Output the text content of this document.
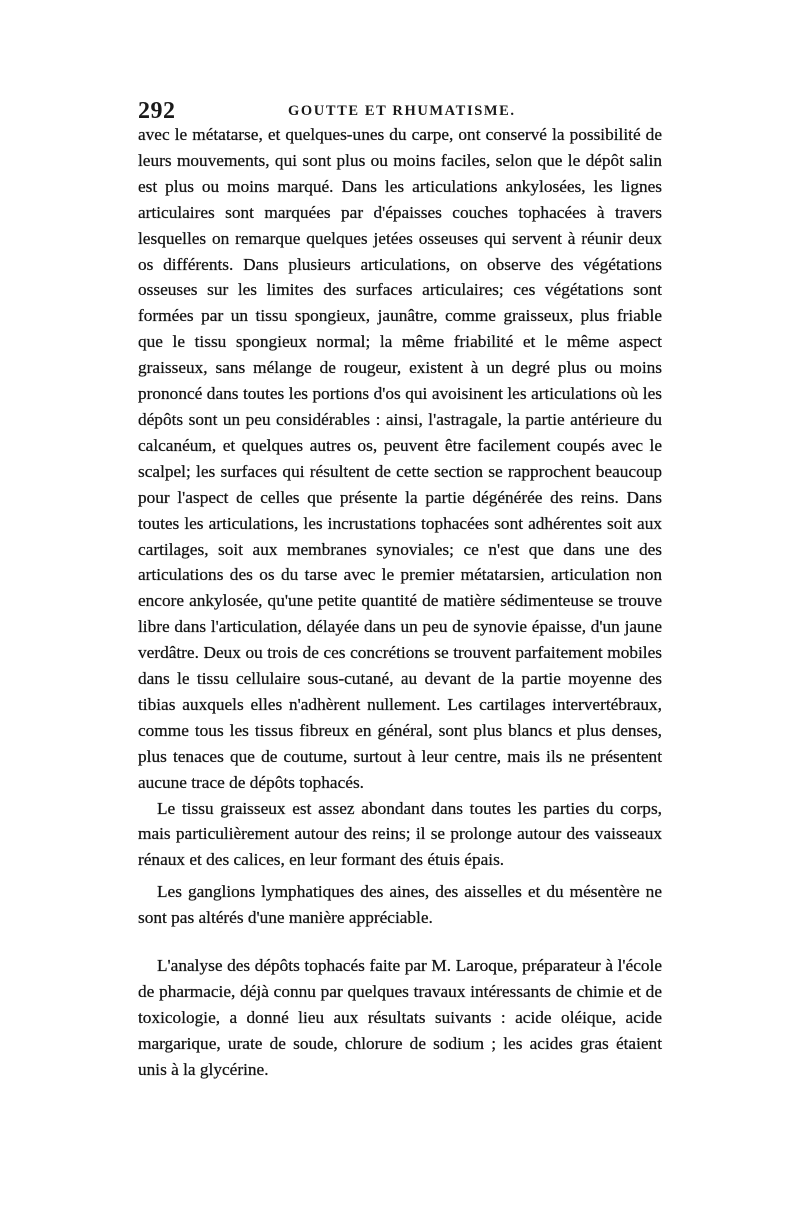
292	GOUTTE ET RHUMATISME.

avec le métatarse, et quelques-unes du carpe, ont conservé la possibilité de leurs mouvements, qui sont plus ou moins faciles, selon que le dépôt salin est plus ou moins marqué. Dans les articulations ankylosées, les lignes articulaires sont marquées par d'épaisses couches tophacées à travers lesquelles on remarque quelques jetées osseuses qui servent à réunir deux os différents. Dans plusieurs articulations, on observe des végétations osseuses sur les limites des surfaces articulaires; ces végétations sont formées par un tissu spongieux, jaunâtre, comme graisseux, plus friable que le tissu spongieux normal; la même friabilité et le même aspect graisseux, sans mélange de rougeur, existent à un degré plus ou moins prononcé dans toutes les portions d'os qui avoisinent les articulations où les dépôts sont un peu considérables : ainsi, l'astragale, la partie antérieure du calcanéum, et quelques autres os, peuvent être facilement coupés avec le scalpel; les surfaces qui résultent de cette section se rapprochent beaucoup pour l'aspect de celles que présente la partie dégénérée des reins. Dans toutes les articulations, les incrustations tophacées sont adhérentes soit aux cartilages, soit aux membranes synoviales; ce n'est que dans une des articulations des os du tarse avec le premier métatarsien, articulation non encore ankylosée, qu'une petite quantité de matière sédimenteuse se trouve libre dans l'articulation, délayée dans un peu de synovie épaisse, d'un jaune verdâtre. Deux ou trois de ces concrétions se trouvent parfaitement mobiles dans le tissu cellulaire sous-cutané, au devant de la partie moyenne des tibias auxquels elles n'adhèrent nullement. Les cartilages intervertébraux, comme tous les tissus fibreux en général, sont plus blancs et plus denses, plus tenaces que de coutume, surtout à leur centre, mais ils ne présentent aucune trace de dépôts tophacés.

Le tissu graisseux est assez abondant dans toutes les parties du corps, mais particulièrement autour des reins; il se prolonge autour des vaisseaux rénaux et des calices, en leur formant des étuis épais.

Les ganglions lymphatiques des aines, des aisselles et du mésentère ne sont pas altérés d'une manière appréciable.

L'analyse des dépôts tophacés faite par M. Laroque, préparateur à l'école de pharmacie, déjà connu par quelques travaux intéressants de chimie et de toxicologie, a donné lieu aux résultats suivants : acide oléique, acide margarique, urate de soude, chlorure de sodium ; les acides gras étaient unis à la glycérine.
